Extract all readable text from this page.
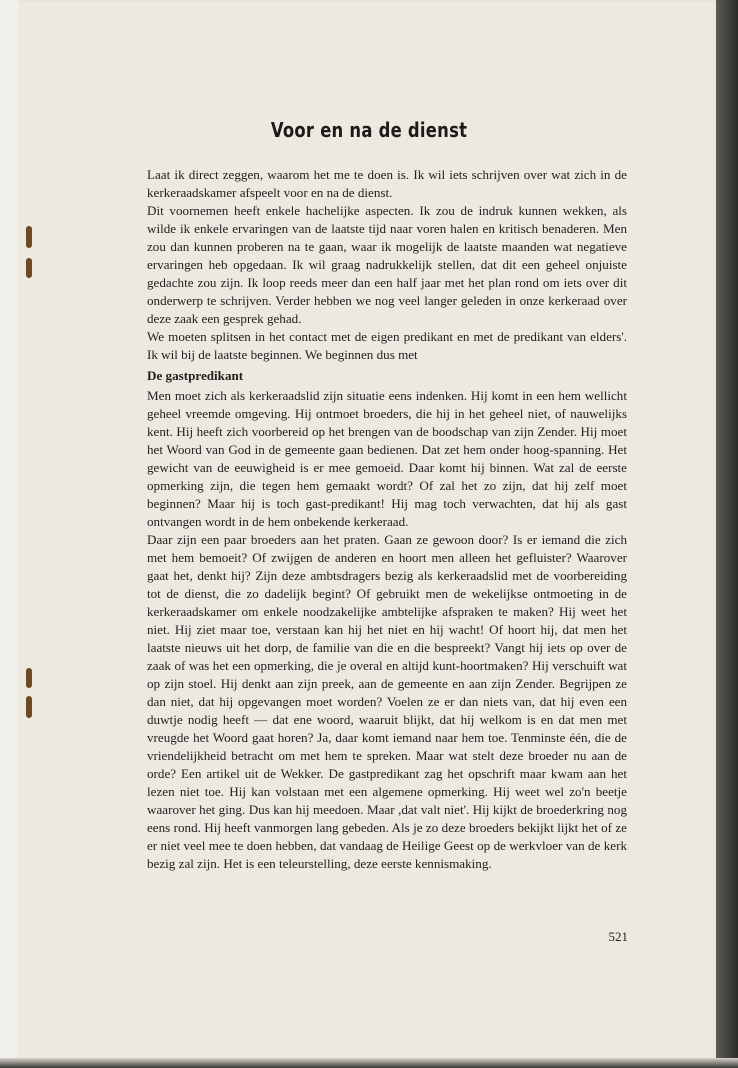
Voor en na de dienst

Laat ik direct zeggen, waarom het me te doen is. Ik wil iets schrijven over wat zich in de kerkeraadskamer afspeelt voor en na de dienst.

Dit voornemen heeft enkele hachelijke aspecten. Ik zou de indruk kunnen wekken, als wilde ik enkele ervaringen van de laatste tijd naar voren halen en kritisch benaderen. Men zou dan kunnen proberen na te gaan, waar ik mogelijk de laatste maanden wat negatieve ervaringen heb opgedaan. Ik wil graag nadrukkelijk stellen, dat dit een geheel onjuiste gedachte zou zijn. Ik loop reeds meer dan een half jaar met het plan rond om iets over dit onderwerp te schrijven. Verder hebben we nog veel langer geleden in onze kerkeraad over deze zaak een gesprek gehad.

We moeten splitsen in het contact met de eigen predikant en met de predikant van elders'. Ik wil bij de laatste beginnen. We beginnen dus met

De gastpredikant

Men moet zich als kerkeraadslid zijn situatie eens indenken. Hij komt in een hem wellicht geheel vreemde omgeving. Hij ontmoet broeders, die hij in het geheel niet, of nauwelijks kent. Hij heeft zich voorbereid op het brengen van de boodschap van zijn Zender. Hij moet het Woord van God in de gemeente gaan bedienen. Dat zet hem onder hoog-spanning. Het gewicht van de eeuwigheid is er mee gemoeid. Daar komt hij binnen. Wat zal de eerste opmerking zijn, die tegen hem gemaakt wordt? Of zal het zo zijn, dat hij zelf moet beginnen? Maar hij is toch gast-predikant! Hij mag toch verwachten, dat hij als gast ontvangen wordt in de hem onbekende kerkeraad.

Daar zijn een paar broeders aan het praten. Gaan ze gewoon door? Is er iemand die zich met hem bemoeit? Of zwijgen de anderen en hoort men alleen het gefluister? Waarover gaat het, denkt hij? Zijn deze ambtsdragers bezig als kerkeraadslid met de voorbereiding tot de dienst, die zo dadelijk begint? Of gebruikt men de wekelijkse ontmoeting in de kerkeraadskamer om enkele noodzakelijke ambtelijke afspraken te maken? Hij weet het niet. Hij ziet maar toe, verstaan kan hij het niet en hij wacht! Of hoort hij, dat men het laatste nieuws uit het dorp, de familie van die en die bespreekt? Vangt hij iets op over de zaak of was het een opmerking, die je overal en altijd kunt-hoortmaken? Hij verschuift wat op zijn stoel. Hij denkt aan zijn preek, aan de gemeente en aan zijn Zender. Begrijpen ze dan niet, dat hij opgevangen moet worden? Voelen ze er dan niets van, dat hij even een duwtje nodig heeft — dat ene woord, waaruit blijkt, dat hij welkom is en dat men met vreugde het Woord gaat horen? Ja, daar komt iemand naar hem toe. Tenminste één, die de vriendelijkheid betracht om met hem te spreken. Maar wat stelt deze broeder nu aan de orde? Een artikel uit de Wekker. De gastpredikant zag het opschrift maar kwam aan het lezen niet toe. Hij kan volstaan met een algemene opmerking. Hij weet wel zo'n beetje waarover het ging. Dus kan hij meedoen. Maar ,dat valt niet'. Hij kijkt de broederkring nog eens rond. Hij heeft vanmorgen lang gebeden. Als je zo deze broeders bekijkt lijkt het of ze er niet veel mee te doen hebben, dat vandaag de Heilige Geest op de werkvloer van de kerk bezig zal zijn. Het is een teleurstelling, deze eerste kennismaking.

521
